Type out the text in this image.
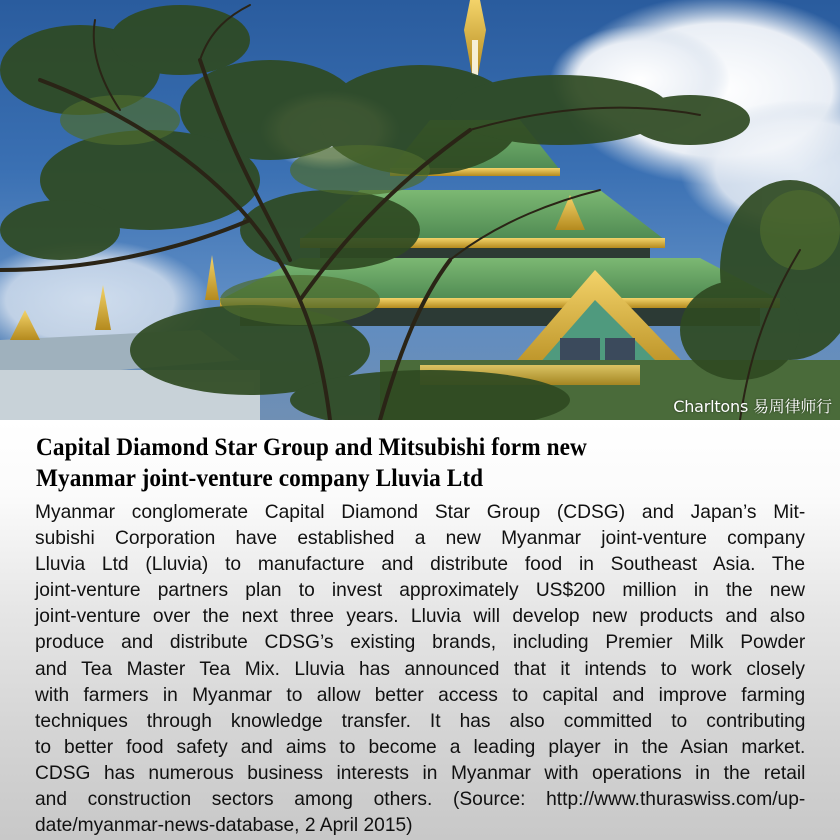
Charltons 易周律师行
Capital Diamond Star Group and Mitsubishi form new
Myanmar joint-venture company Lluvia Ltd

Myanmar conglomerate Capital Diamond Star Group (CDSG) and Japan’s Mit-
subishi Corporation have established a new Myanmar joint-venture company
Lluvia Ltd (Lluvia) to manufacture and distribute food in Southeast Asia. The
joint-venture partners plan to invest approximately US$200 million in the new
joint-venture over the next three years. Lluvia will develop new products and also
produce and distribute CDSG’s existing brands, including Premier Milk Powder
and Tea Master Tea Mix. Lluvia has announced that it intends to work closely
with farmers in Myanmar to allow better access to capital and improve farming
techniques through knowledge transfer. It has also committed to contributing
to better food safety and aims to become a leading player in the Asian market.
CDSG has numerous business interests in Myanmar with operations in the retail
and construction sectors among others. (Source: http://www.thuraswiss.com/up-
date/myanmar-news-database, 2 April 2015)
